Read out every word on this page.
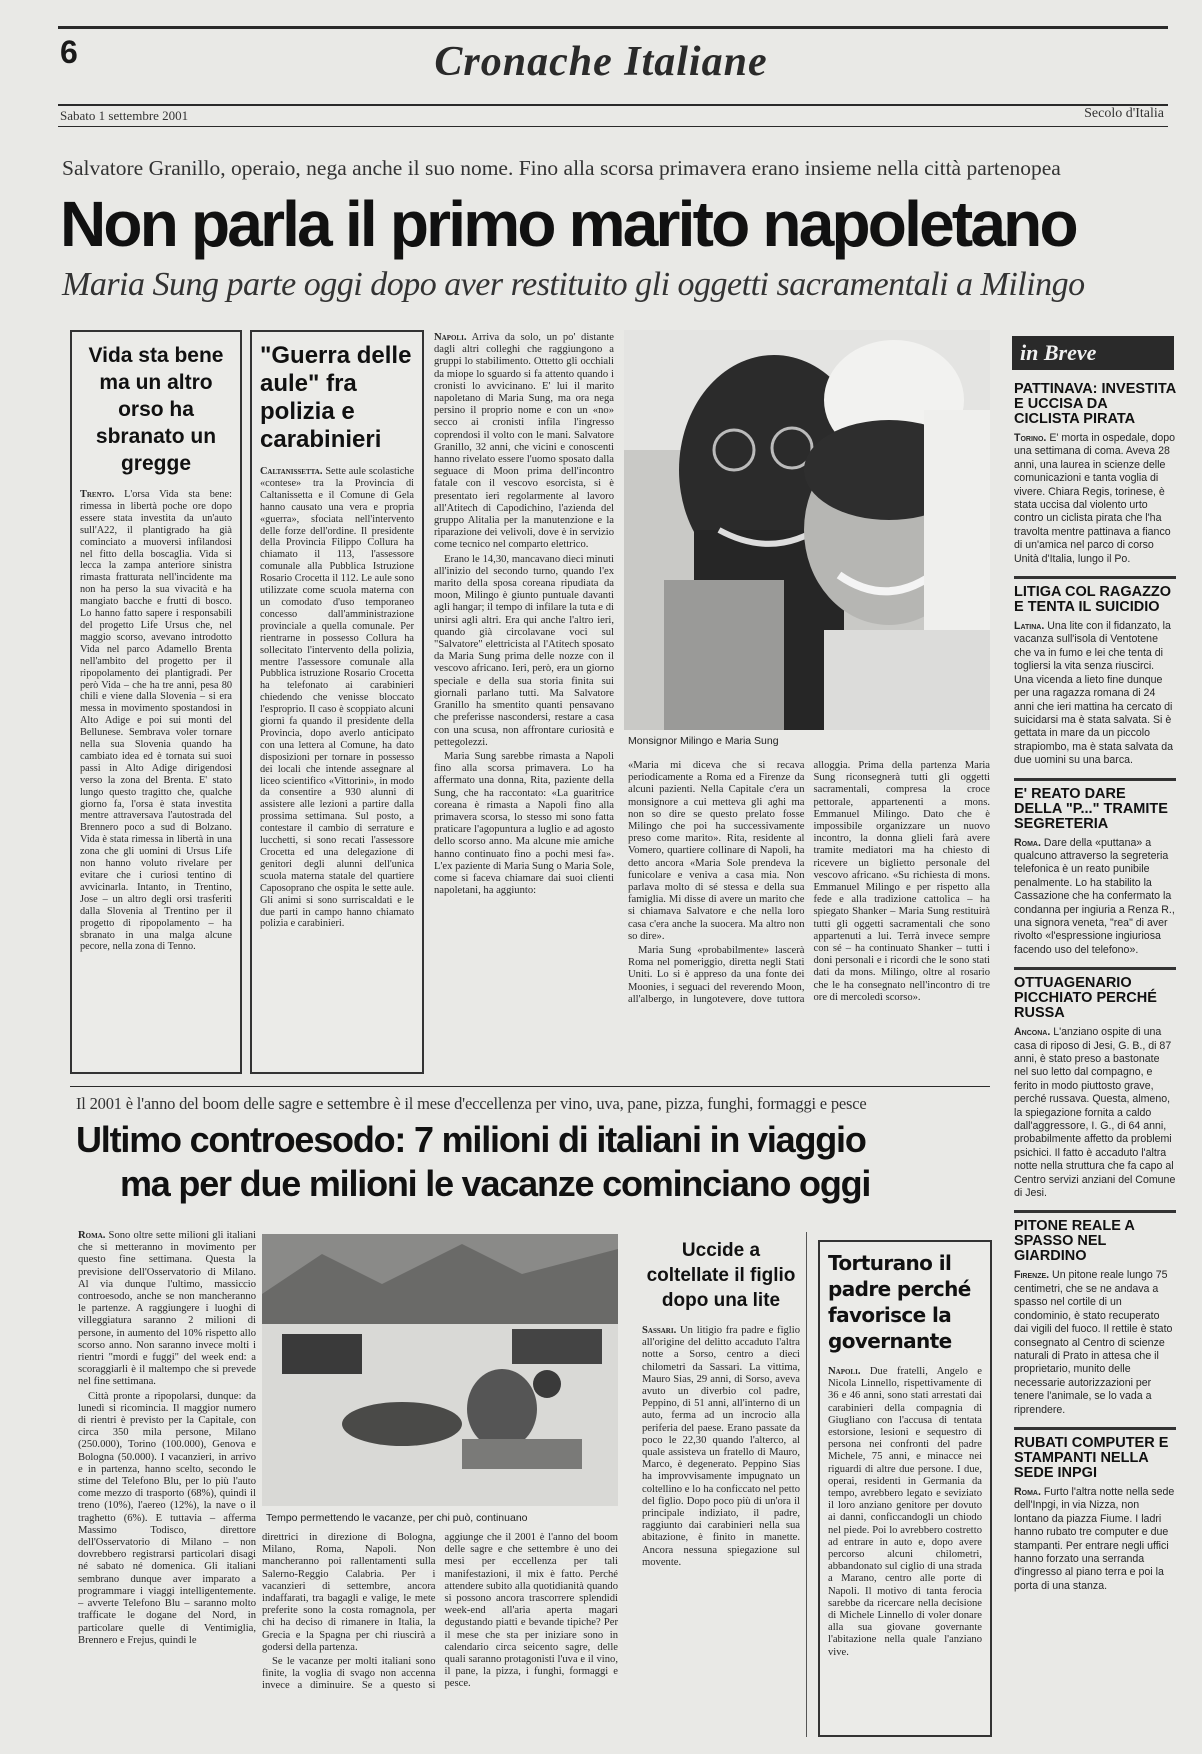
6	Cronache Italiane
Sabato 1 settembre 2001	Secolo d'Italia
Salvatore Granillo, operaio, nega anche il suo nome. Fino alla scorsa primavera erano insieme nella città partenopea
Non parla il primo marito napoletano
Maria Sung parte oggi dopo aver restituito gli oggetti sacramentali a Milingo
Vida sta bene ma un altro orso ha sbranato un gregge

Trento. L'orsa Vida sta bene: rimessa in libertà poche ore dopo essere stata investita da un'auto sull'A22, il plantigrado ha già cominciato a muoversi infilandosi nel fitto della boscaglia. Vida si lecca la zampa anteriore sinistra rimasta fratturata nell'incidente ma non ha perso la sua vivacità e ha mangiato bacche e frutti di bosco. Lo hanno fatto sapere i responsabili del progetto Life Ursus che, nel maggio scorso, avevano introdotto Vida nel parco Adamello Brenta nell'ambito del progetto per il ripopolamento dei plantigradi. Per però Vida – che ha tre anni, pesa 80 chili e viene dalla Slovenia – si era messa in movimento spostandosi in Alto Adige e poi sui monti del Bellunese. Sembrava voler tornare nella sua Slovenia quando ha cambiato idea ed è tornata sui suoi passi in Alto Adige dirigendosi verso la zona del Brenta. E' stato lungo questo tragitto che, qualche giorno fa, l'orsa è stata investita mentre attraversava l'autostrada del Brennero poco a sud di Bolzano. Vida è stata rimessa in libertà in una zona che gli uomini di Ursus Life non hanno voluto rivelare per evitare che i curiosi tentino di avvicinarla. Intanto, in Trentino, Jose – un altro degli orsi trasferiti dalla Slovenia al Trentino per il progetto di ripopolamento – ha sbranato in una malga alcune pecore, nella zona di Tenno.

"Guerra delle aule" fra polizia e carabinieri

Caltanissetta. Sette aule scolastiche «contese» tra la Provincia di Caltanissetta e il Comune di Gela hanno causato una vera e propria «guerra», sfociata nell'intervento delle forze dell'ordine. Il presidente della Provincia Filippo Collura ha chiamato il 113, l'assessore comunale alla Pubblica Istruzione Rosario Crocetta il 112. Le aule sono utilizzate come scuola materna con un comodato d'uso temporaneo concesso dall'amministrazione provinciale a quella comunale. Per rientrarne in possesso Collura ha sollecitato l'intervento della polizia, mentre l'assessore comunale alla Pubblica istruzione Rosario Crocetta ha telefonato ai carabinieri chiedendo che venisse bloccato l'esproprio. Il caso è scoppiato alcuni giorni fa quando il presidente della Provincia, dopo averlo anticipato con una lettera al Comune, ha dato disposizioni per tornare in possesso dei locali che intende assegnare al liceo scientifico «Vittorini», in modo da consentire a 930 alunni di assistere alle lezioni a partire dalla prossima settimana. Sul posto, a contestare il cambio di serrature e lucchetti, si sono recati l'assessore Crocetta ed una delegazione di genitori degli alunni dell'unica scuola materna statale del quartiere Caposoprano che ospita le sette aule. Gli animi si sono surriscaldati e le due parti in campo hanno chiamato polizia e carabinieri.

Napoli. Arriva da solo, un po' distante dagli altri colleghi che raggiungono a gruppi lo stabilimento. Ottetto gli occhiali da miope lo sguardo si fa attento quando i cronisti lo avvicinano. E' lui il marito napoletano di Maria Sung, ma ora nega persino il proprio nome e con un «no» secco ai cronisti infila l'ingresso coprendosi il volto con le mani. Salvatore Granillo, 32 anni, che vicini e conoscenti hanno rivelato essere l'uomo sposato dalla seguace di Moon prima dell'incontro fatale con il vescovo esorcista, si è presentato ieri regolarmente al lavoro all'Atitech di Capodichino, l'azienda del gruppo Alitalia per la manutenzione e la riparazione dei velivoli, dove è in servizio come tecnico nel comparto elettrico.

Erano le 14,30, mancavano dieci minuti all'inizio del secondo turno, quando l'ex marito della sposa coreana ripudiata da moon, Milingo è giunto puntuale davanti agli hangar; il tempo di infilare la tuta e di unirsi agli altri. Era qui anche l'altro ieri, quando già circolavane voci sul "Salvatore" elettricista al l'Atitech sposato da Maria Sung prima delle nozze con il vescovo africano. Ieri, però, era un giorno speciale e della sua storia finita sui giornali parlano tutti. Ma Salvatore Granillo ha smentito quanti pensavano che preferisse nascondersi, restare a casa con una scusa, non affrontare curiosità e pettegolezzi.

Maria Sung sarebbe rimasta a Napoli fino alla scorsa primavera. Lo ha affermato una donna, Rita, paziente della Sung, che ha raccontato: «La guaritrice coreana è rimasta a Napoli fino alla primavera scorsa, lo stesso mi sono fatta praticare l'agopuntura a luglio e ad agosto dello scorso anno. Ma alcune mie amiche hanno continuato fino a pochi mesi fa». L'ex paziente di Maria Sung o Maria Sole, come si faceva chiamare dai suoi clienti napoletani, ha aggiunto:

Monsignor Milingo e Maria Sung

«Maria mi diceva che si recava periodicamente a Roma ed a Firenze da alcuni pazienti. Nella Capitale c'era un monsignore a cui metteva gli aghi ma non so dire se questo prelato fosse Milingo che poi ha successivamente preso come marito». Rita, residente al Vomero, quartiere collinare di Napoli, ha detto ancora «Maria Sole prendeva la funicolare e veniva a casa mia. Non parlava molto di sé stessa e della sua famiglia. Mi disse di avere un marito che si chiamava Salvatore e che nella loro casa c'era anche la suocera. Ma altro non so dire».

Maria Sung «probabilmente» lascerà Roma nel pomeriggio, diretta negli Stati Uniti. Lo si è appreso da una fonte dei Moonies, i seguaci del reverendo Moon, all'albergo, in lungotevere, dove tuttora alloggia. Prima della partenza Maria Sung riconsegnerà tutti gli oggetti sacramentali, compresa la croce pettorale, appartenenti a mons. Emmanuel Milingo. Dato che è impossibile organizzare un nuovo incontro, la donna glieli farà avere tramite mediatori ma ha chiesto di ricevere un biglietto personale del vescovo africano. «Su richiesta di mons. Emmanuel Milingo e per rispetto alla fede e alla tradizione cattolica – ha spiegato Shanker – Maria Sung restituirà tutti gli oggetti sacramentali che sono appartenuti a lui. Terrà invece sempre con sé – ha continuato Shanker – tutti i doni personali e i ricordi che le sono stati dati da mons. Milingo, oltre al rosario che le ha consegnato nell'incontro di tre ore di mercoledì scorso».

in Breve
PATTINAVA: INVESTITA E UCCISA DA CICLISTA PIRATA
Torino. E' morta in ospedale, dopo una settimana di coma. Aveva 28 anni, una laurea in scienze delle comunicazioni e tanta voglia di vivere. Chiara Regis, torinese, è stata uccisa dal violento urto contro un ciclista pirata che l'ha travolta mentre pattinava a fianco di un'amica nel parco di corso Unità d'Italia, lungo il Po.
LITIGA COL RAGAZZO E TENTA IL SUICIDIO
Latina. Una lite con il fidanzato, la vacanza sull'isola di Ventotene che va in fumo e lei che tenta di togliersi la vita senza riuscirci. Una vicenda a lieto fine dunque per una ragazza romana di 24 anni che ieri mattina ha cercato di suicidarsi ma è stata salvata. Si è gettata in mare da un piccolo strapiombo, ma è stata salvata da due uomini su una barca.
E' REATO DARE DELLA "P..." TRAMITE SEGRETERIA
Roma. Dare della «puttana» a qualcuno attraverso la segreteria telefonica è un reato punibile penalmente. Lo ha stabilito la Cassazione che ha confermato la condanna per ingiuria a Renza R., una signora veneta, "rea" di aver rivolto «l'espressione ingiuriosa facendo uso del telefono».
OTTUAGENARIO PICCHIATO PERCHÉ RUSSA
Ancona. L'anziano ospite di una casa di riposo di Jesi, G. B., di 87 anni, è stato preso a bastonate nel suo letto dal compagno, e ferito in modo piuttosto grave, perché russava. Questa, almeno, la spiegazione fornita a caldo dall'aggressore, I. G., di 64 anni, probabilmente affetto da problemi psichici. Il fatto è accaduto l'altra notte nella struttura che fa capo al Centro servizi anziani del Comune di Jesi.
PITONE REALE A SPASSO NEL GIARDINO
Firenze. Un pitone reale lungo 75 centimetri, che se ne andava a spasso nel cortile di un condominio, è stato recuperato dai vigili del fuoco. Il rettile è stato consegnato al Centro di scienze naturali di Prato in attesa che il proprietario, munito delle necessarie autorizzazioni per tenere l'animale, se lo vada a riprendere.
RUBATI COMPUTER E STAMPANTI NELLA SEDE INPGI
Roma. Furto l'altra notte nella sede dell'Inpgi, in via Nizza, non lontano da piazza Fiume. I ladri hanno rubato tre computer e due stampanti. Per entrare negli uffici hanno forzato una serranda d'ingresso al piano terra e poi la porta di una stanza.
Il 2001 è l'anno del boom delle sagre e settembre è il mese d'eccellenza per vino, uva, pane, pizza, funghi, formaggi e pesce
Ultimo controesodo: 7 milioni di italiani in viaggio
ma per due milioni le vacanze cominciano oggi

Roma. Sono oltre sette milioni gli italiani che si metteranno in movimento per questo fine settimana. Questa la previsione dell'Osservatorio di Milano. Al via dunque l'ultimo, massiccio controesodo, anche se non mancheranno le partenze. A raggiungere i luoghi di villeggiatura saranno 2 milioni di persone, in aumento del 10% rispetto allo scorso anno. Non saranno invece molti i rientri "mordi e fuggi" del week end: a scoraggiarli è il maltempo che si prevede nel fine settimana.

Città pronte a ripopolarsi, dunque: da lunedì si ricomincia. Il maggior numero di rientri è previsto per la Capitale, con circa 350 mila persone, Milano (250.000), Torino (100.000), Genova e Bologna (50.000). I vacanzieri, in arrivo e in partenza, hanno scelto, secondo le stime del Telefono Blu, per lo più l'auto come mezzo di trasporto (68%), quindi il treno (10%), l'aereo (12%), la nave o il traghetto (6%). E tuttavia – afferma Massimo Todisco, direttore dell'Osservatorio di Milano – non dovrebbero registrarsi particolari disagi né sabato né domenica. Gli italiani sembrano dunque aver imparato a programmare i viaggi intelligentemente. – avverte Telefono Blu – saranno molto trafficate le dogane del Nord, in particolare quelle di Ventimiglia, Brennero e Frejus, quindi le

Tempo permettendo le vacanze, per chi può, continuano

direttrici in direzione di Bologna, Milano, Roma, Napoli. Non mancheranno poi rallentamenti sulla Salerno-Reggio Calabria. Per i vacanzieri di settembre, ancora indaffarati, tra bagagli e valige, le mete preferite sono la costa romagnola, per chi ha deciso di rimanere in Italia, la Grecia e la Spagna per chi riuscirà a godersi della partenza.

Se le vacanze per molti italiani sono finite, la voglia di svago non accenna invece a diminuire. Se a questo si aggiunge che il 2001 è l'anno del boom delle sagre e che settembre è uno dei mesi per eccellenza per tali manifestazioni, il mix è fatto. Perché attendere subito alla quotidianità quando si possono ancora trascorrere splendidi week-end all'aria aperta magari degustando piatti e bevande tipiche? Per il mese che sta per iniziare sono in calendario circa seicento sagre, delle quali saranno protagonisti l'uva e il vino, il pane, la pizza, i funghi, formaggi e pesce.

Uccide a coltellate il figlio dopo una lite

Sassari. Un litigio fra padre e figlio all'origine del delitto accaduto l'altra notte a Sorso, centro a dieci chilometri da Sassari. La vittima, Mauro Sias, 29 anni, di Sorso, aveva avuto un diverbio col padre, Peppino, di 51 anni, all'interno di un auto, ferma ad un incrocio alla periferia del paese. Erano passate da poco le 22,30 quando l'alterco, al quale assisteva un fratello di Mauro, Marco, è degenerato. Peppino Sias ha improvvisamente impugnato un coltellino e lo ha conficcato nel petto del figlio. Dopo poco più di un'ora il principale indiziato, il padre, raggiunto dai carabinieri nella sua abitazione, è finito in manette. Ancora nessuna spiegazione sul movente.

Torturano il padre perché favorisce la governante

Napoli. Due fratelli, Angelo e Nicola Linnello, rispettivamente di 36 e 46 anni, sono stati arrestati dai carabinieri della compagnia di Giugliano con l'accusa di tentata estorsione, lesioni e sequestro di persona nei confronti del padre Michele, 75 anni, e minacce nei riguardi di altre due persone. I due, operai, residenti in Germania da tempo, avrebbero legato e seviziato il loro anziano genitore per dovuto ai danni, conficcandogli un chiodo nel piede. Poi lo avrebbero costretto ad entrare in auto e, dopo avere percorso alcuni chilometri, abbandonato sul ciglio di una strada a Marano, centro alle porte di Napoli. Il motivo di tanta ferocia sarebbe da ricercare nella decisione di Michele Linnello di voler donare alla sua giovane governante l'abitazione nella quale l'anziano vive.
